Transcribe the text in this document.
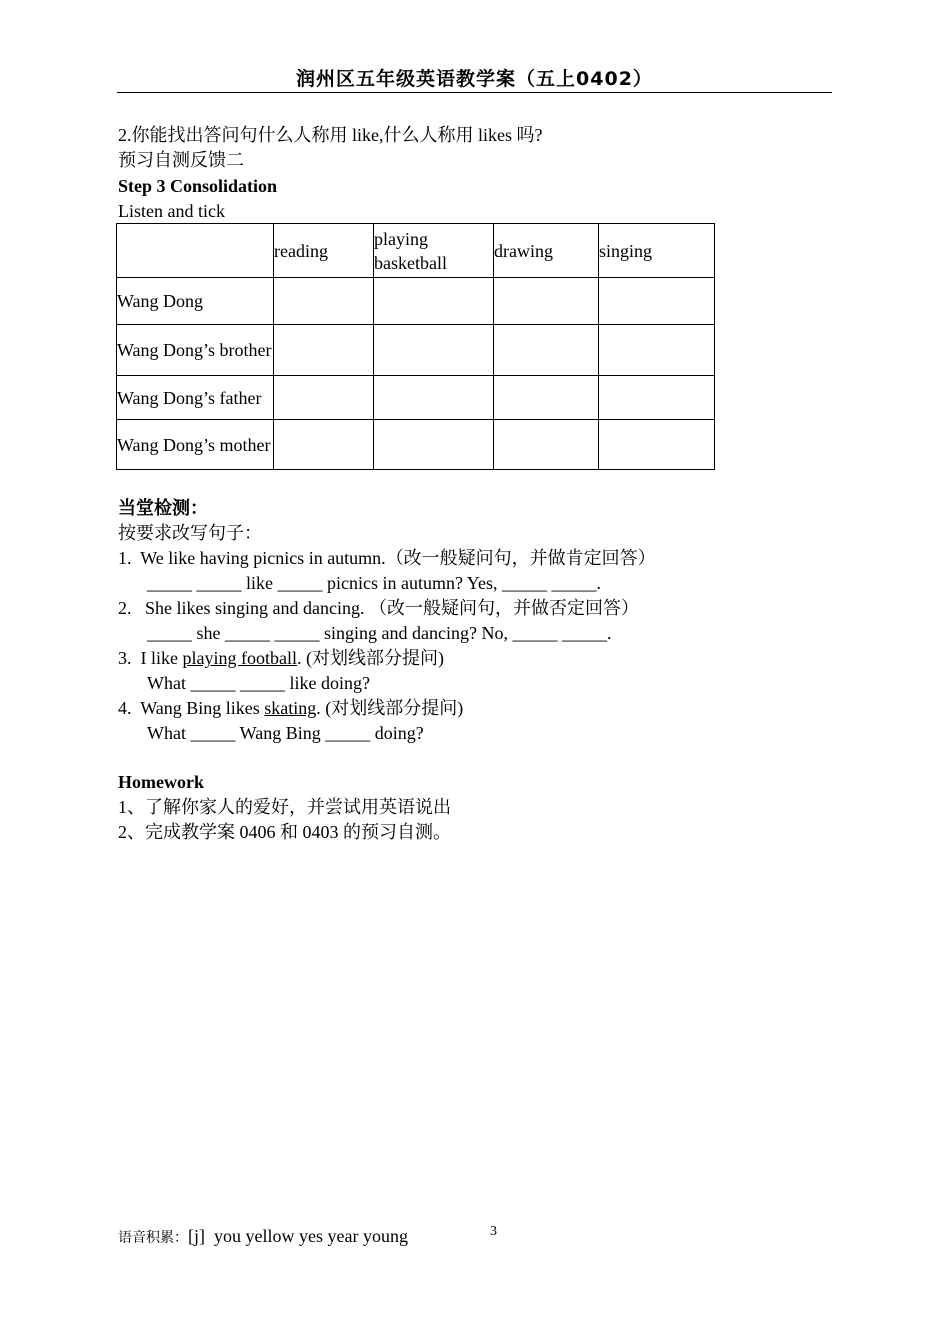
润州区五年级英语教学案（五上0402）
2.你能找出答问句什么人称用 like,什么人称用 likes 吗?
预习自测反馈二
Step 3 Consolidation
Listen and tick
	reading	playing basketball	drawing	singing
Wang Dong				
Wang Dong’s brother				
Wang Dong’s father				
Wang Dong’s mother				
当堂检测：
按要求改写句子：
1. We like having picnics in autumn.（改一般疑问句，并做肯定回答）
_____ _____ like _____ picnics in autumn? Yes, _____ _____.
2. She likes singing and dancing. （改一般疑问句，并做否定回答）
_____ she _____ _____ singing and dancing? No, _____ _____.
3. I like playing football. (对划线部分提问)
What _____ _____ like doing?
4. Wang Bing likes skating. (对划线部分提问)
What _____ Wang Bing _____ doing?
Homework
1、了解你家人的爱好，并尝试用英语说出
2、完成教学案 0406 和 0403 的预习自测。
语音积累：[j]  you yellow yes year young	3
